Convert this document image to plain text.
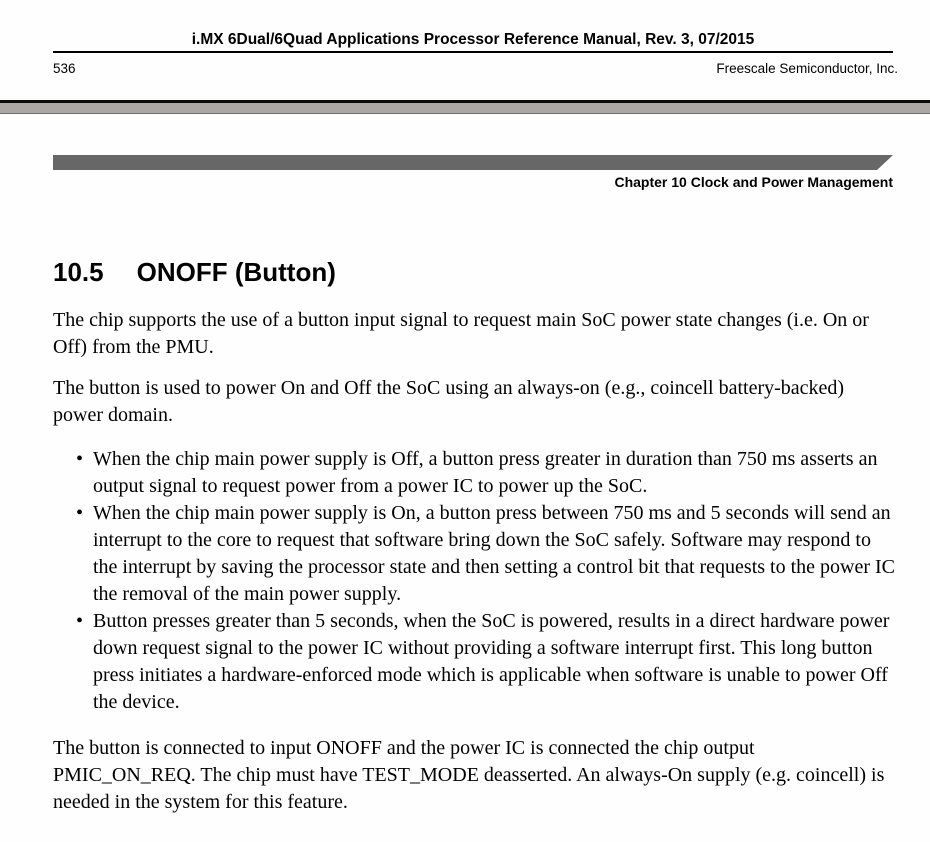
i.MX 6Dual/6Quad Applications Processor Reference Manual, Rev. 3, 07/2015
536	Freescale Semiconductor, Inc.
Chapter 10 Clock and Power Management
10.5 ONOFF (Button)

The chip supports the use of a button input signal to request main SoC power state changes (i.e. On or Off) from the PMU.

The button is used to power On and Off the SoC using an always-on (e.g., coincell battery-backed) power domain.

• When the chip main power supply is Off, a button press greater in duration than 750 ms asserts an output signal to request power from a power IC to power up the SoC.
• When the chip main power supply is On, a button press between 750 ms and 5 seconds will send an interrupt to the core to request that software bring down the SoC safely. Software may respond to the interrupt by saving the processor state and then setting a control bit that requests to the power IC the removal of the main power supply.
• Button presses greater than 5 seconds, when the SoC is powered, results in a direct hardware power down request signal to the power IC without providing a software interrupt first. This long button press initiates a hardware-enforced mode which is applicable when software is unable to power Off the device.

The button is connected to input ONOFF and the power IC is connected the chip output PMIC_ON_REQ. The chip must have TEST_MODE deasserted. An always-On supply (e.g. coincell) is needed in the system for this feature.
